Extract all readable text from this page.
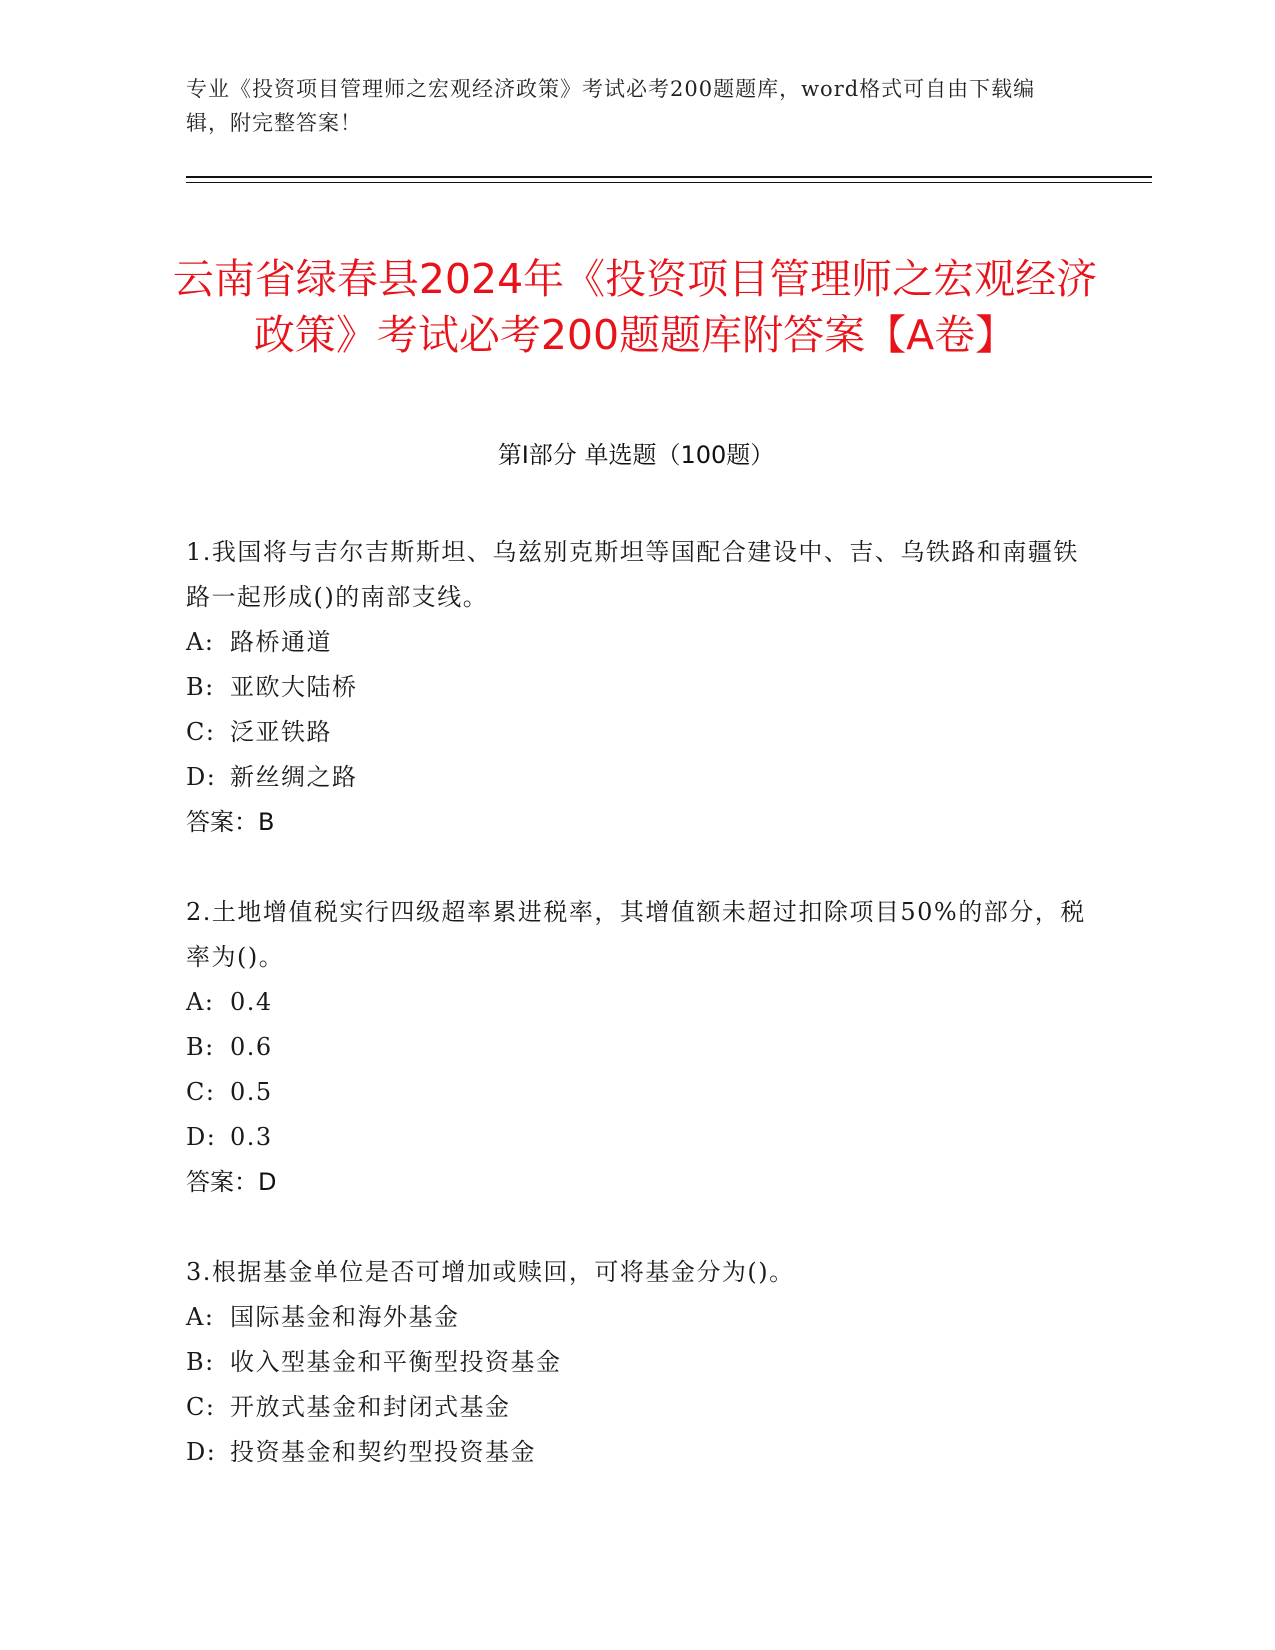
专业《投资项目管理师之宏观经济政策》考试必考200题题库，word格式可自由下载编辑，附完整答案！
云南省绿春县2024年《投资项目管理师之宏观经济政策》考试必考200题题库附答案【A卷】
第I部分 单选题（100题）
1.我国将与吉尔吉斯斯坦、乌兹别克斯坦等国配合建设中、吉、乌铁路和南疆铁路一起形成()的南部支线。
A: 路桥通道
B: 亚欧大陆桥
C: 泛亚铁路
D: 新丝绸之路
答案：B
2.土地增值税实行四级超率累进税率，其增值额未超过扣除项目50%的部分，税率为()。
A: 0.4
B: 0.6
C: 0.5
D: 0.3
答案：D
3.根据基金单位是否可增加或赎回，可将基金分为()。
A: 国际基金和海外基金
B: 收入型基金和平衡型投资基金
C: 开放式基金和封闭式基金
D: 投资基金和契约型投资基金
